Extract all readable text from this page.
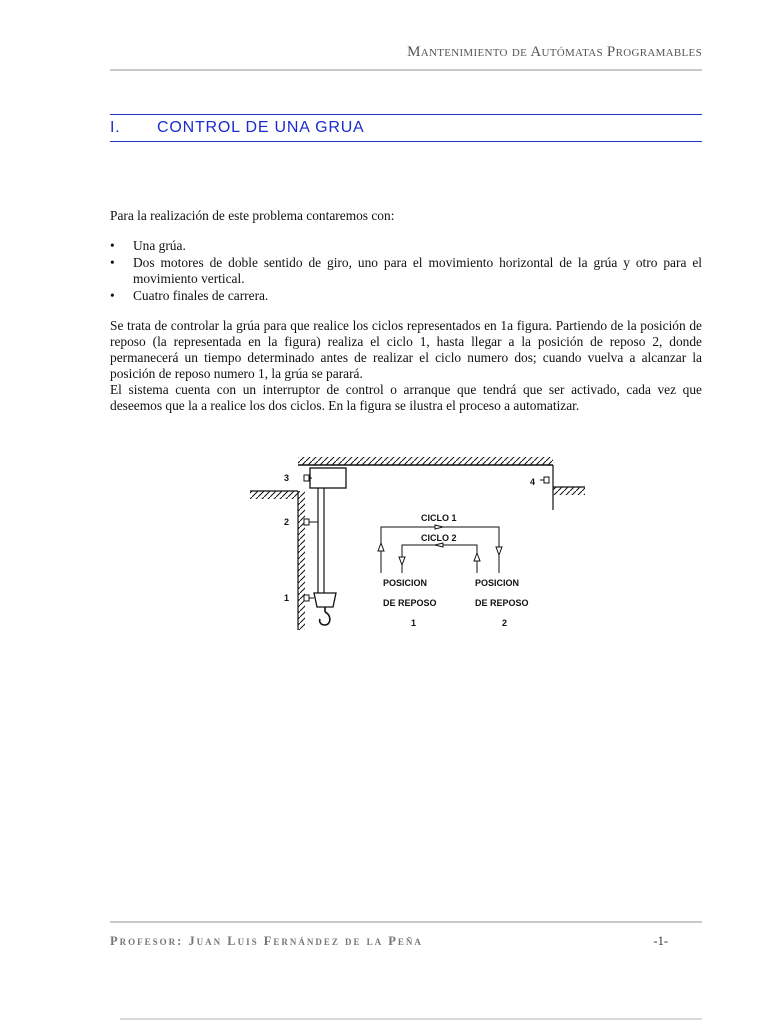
Mantenimiento de Autómatas Programables
I. CONTROL DE UNA GRUA
Para la realización de este problema contaremos con:
• Una grúa.
• Dos motores de doble sentido de giro, uno para el movimiento horizontal de la grúa y otro para el movimiento vertical.
• Cuatro finales de carrera.
Se trata de controlar la grúa para que realice los ciclos representados en 1a figura. Partiendo de la posición de reposo (la representada en la figura) realiza el ciclo 1, hasta llegar a la posición de reposo 2, donde permanecerá un tiempo determinado antes de realizar el ciclo numero dos; cuando vuelva a alcanzar la posición de reposo numero 1, la grúa se parará.
El sistema cuenta con un interruptor de control o arranque que tendrá que ser activado, cada vez que deseemos que la a realice los dos ciclos. En la figura se ilustra el proceso a automatizar.
3
2
1
4
CICLO 1
CICLO 2
POSICION
DE REPOSO
1
POSICION
DE REPOSO
2
Profesor: Juan Luis Fernández de la Peña	-1-
